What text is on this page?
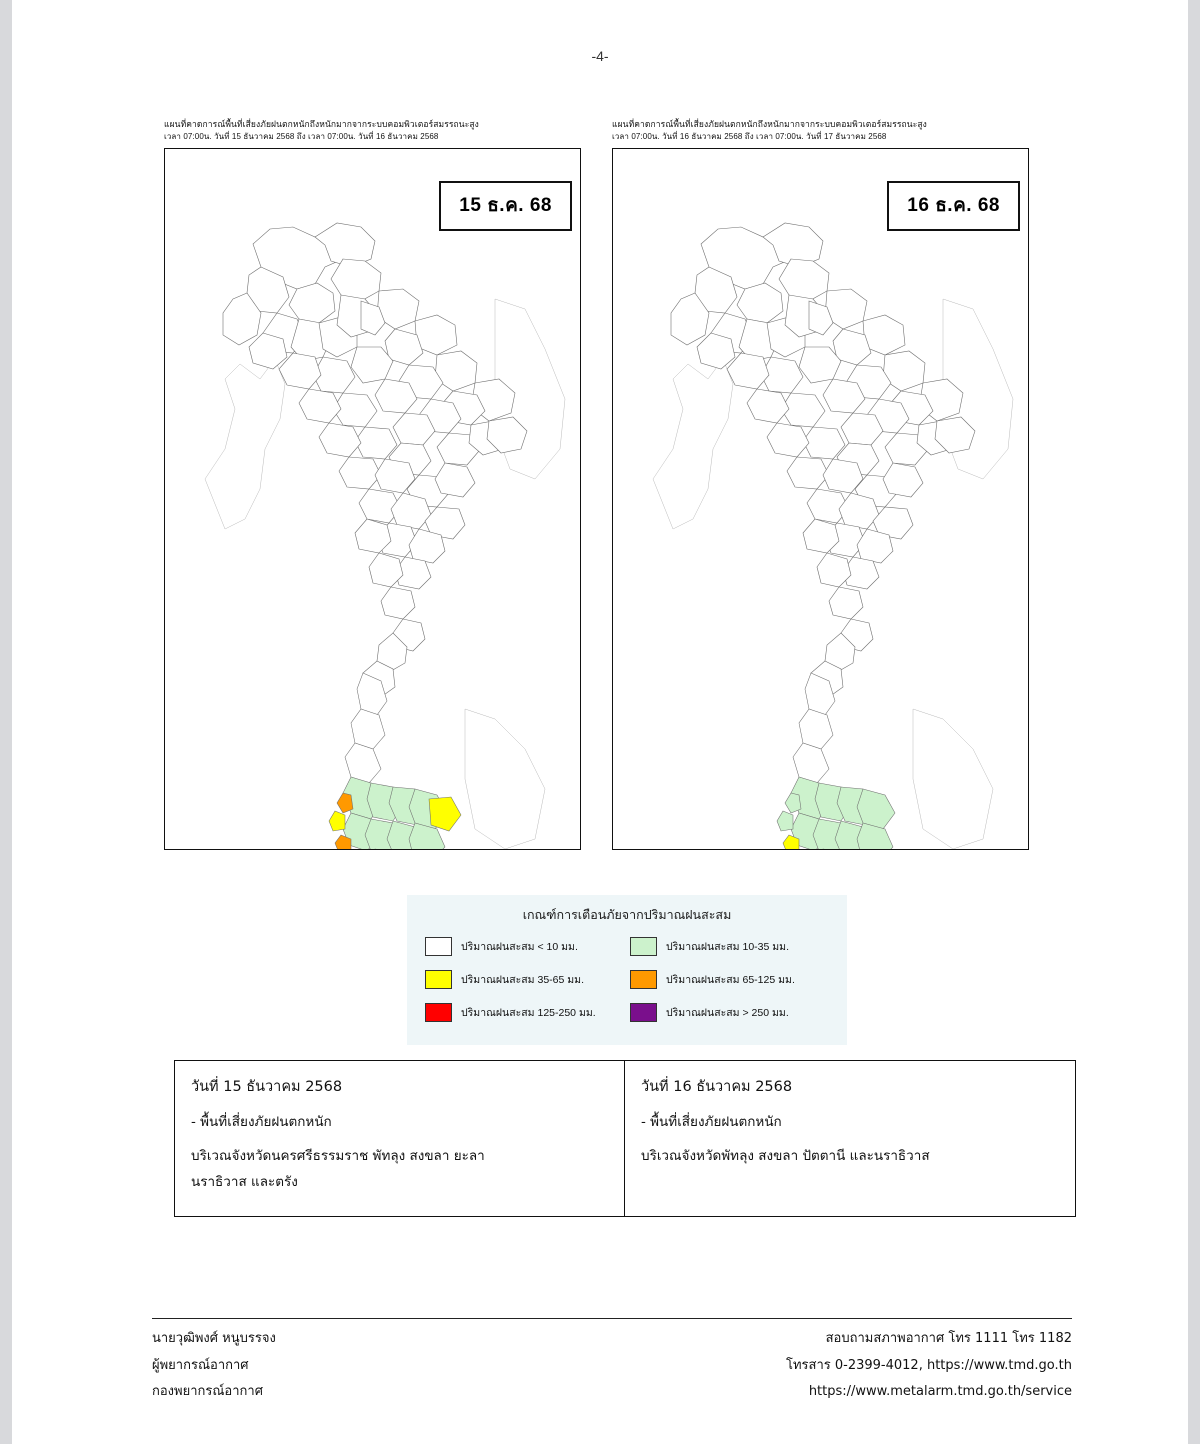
-4-
แผนที่คาดการณ์พื้นที่เสี่ยงภัยฝนตกหนักถึงหนักมากจากระบบคอมพิวเตอร์สมรรถนะสูง
เวลา 07:00น. วันที่ 15 ธันวาคม 2568 ถึง เวลา 07:00น. วันที่ 16 ธันวาคม 2568
15 ธ.ค. 68
แผนที่คาดการณ์พื้นที่เสี่ยงภัยฝนตกหนักถึงหนักมากจากระบบคอมพิวเตอร์สมรรถนะสูง
เวลา 07:00น. วันที่ 16 ธันวาคม 2568 ถึง เวลา 07:00น. วันที่ 17 ธันวาคม 2568
16 ธ.ค. 68
เกณฑ์การเตือนภัยจากปริมาณฝนสะสม
ปริมาณฝนสะสม < 10 มม.	ปริมาณฝนสะสม 10-35 มม.
ปริมาณฝนสะสม 35-65 มม.	ปริมาณฝนสะสม 65-125 มม.
ปริมาณฝนสะสม 125-250 มม.	ปริมาณฝนสะสม > 250 มม.
วันที่ 15 ธันวาคม 2568
- พื้นที่เสี่ยงภัยฝนตกหนัก
บริเวณจังหวัดนครศรีธรรมราช พัทลุง สงขลา ยะลา
นราธิวาส และตรัง
วันที่ 16 ธันวาคม 2568
- พื้นที่เสี่ยงภัยฝนตกหนัก
บริเวณจังหวัดพัทลุง สงขลา ปัตตานี และนราธิวาส
นายวุฒิพงศ์ หนูบรรจง
ผู้พยากรณ์อากาศ
กองพยากรณ์อากาศ
สอบถามสภาพอากาศ โทร 1111 โทร 1182
โทรสาร 0-2399-4012, https://www.tmd.go.th
https://www.metalarm.tmd.go.th/service
